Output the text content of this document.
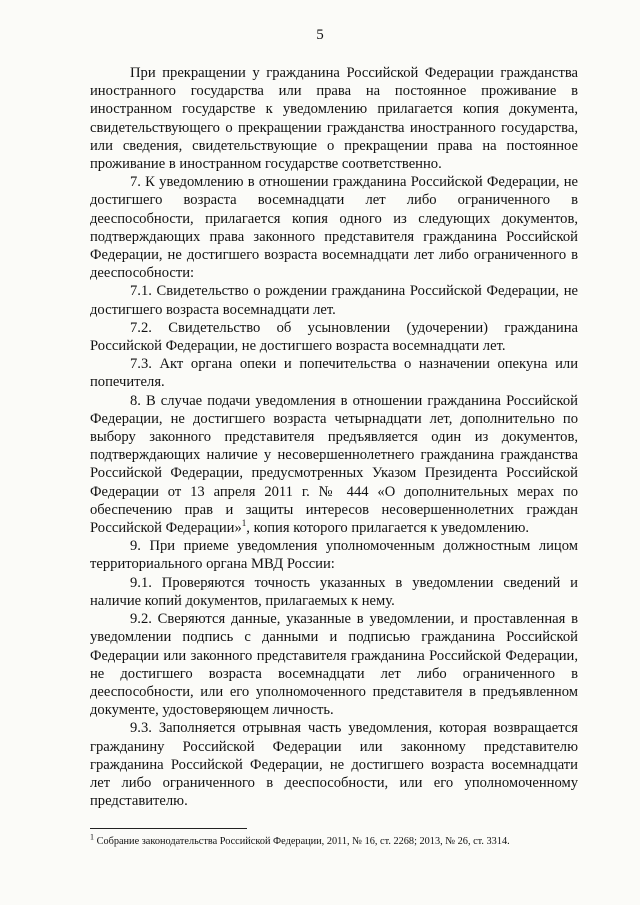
5

При прекращении у гражданина Российской Федерации гражданства иностранного государства или права на постоянное проживание в иностранном государстве к уведомлению прилагается копия документа, свидетельствующего о прекращении гражданства иностранного государства, или сведения, свидетельствующие о прекращении права на постоянное проживание в иностранном государстве соответственно.

7. К уведомлению в отношении гражданина Российской Федерации, не достигшего возраста восемнадцати лет либо ограниченного в дееспособности, прилагается копия одного из следующих документов, подтверждающих права законного представителя гражданина Российской Федерации, не достигшего возраста восемнадцати лет либо ограниченного в дееспособности:

7.1. Свидетельство о рождении гражданина Российской Федерации, не достигшего возраста восемнадцати лет.

7.2. Свидетельство об усыновлении (удочерении) гражданина Российской Федерации, не достигшего возраста восемнадцати лет.

7.3. Акт органа опеки и попечительства о назначении опекуна или попечителя.

8. В случае подачи уведомления в отношении гражданина Российской Федерации, не достигшего возраста четырнадцати лет, дополнительно по выбору законного представителя предъявляется один из документов, подтверждающих наличие у несовершеннолетнего гражданина гражданства Российской Федерации, предусмотренных Указом Президента Российской Федерации от 13 апреля 2011 г. № 444 «О дополнительных мерах по обеспечению прав и защиты интересов несовершеннолетних граждан Российской Федерации»$^1$, копия которого прилагается к уведомлению.

9. При приеме уведомления уполномоченным должностным лицом территориального органа МВД России:

9.1. Проверяются точность указанных в уведомлении сведений и наличие копий документов, прилагаемых к нему.

9.2. Сверяются данные, указанные в уведомлении, и проставленная в уведомлении подпись с данными и подписью гражданина Российской Федерации или законного представителя гражданина Российской Федерации, не достигшего возраста восемнадцати лет либо ограниченного в дееспособности, или его уполномоченного представителя в предъявленном документе, удостоверяющем личность.

9.3. Заполняется отрывная часть уведомления, которая возвращается гражданину Российской Федерации или законному представителю гражданина Российской Федерации, не достигшего возраста восемнадцати лет либо ограниченного в дееспособности, или его уполномоченному представителю.

$^1$ Собрание законодательства Российской Федерации, 2011, № 16, ст. 2268; 2013, № 26, ст. 3314.
